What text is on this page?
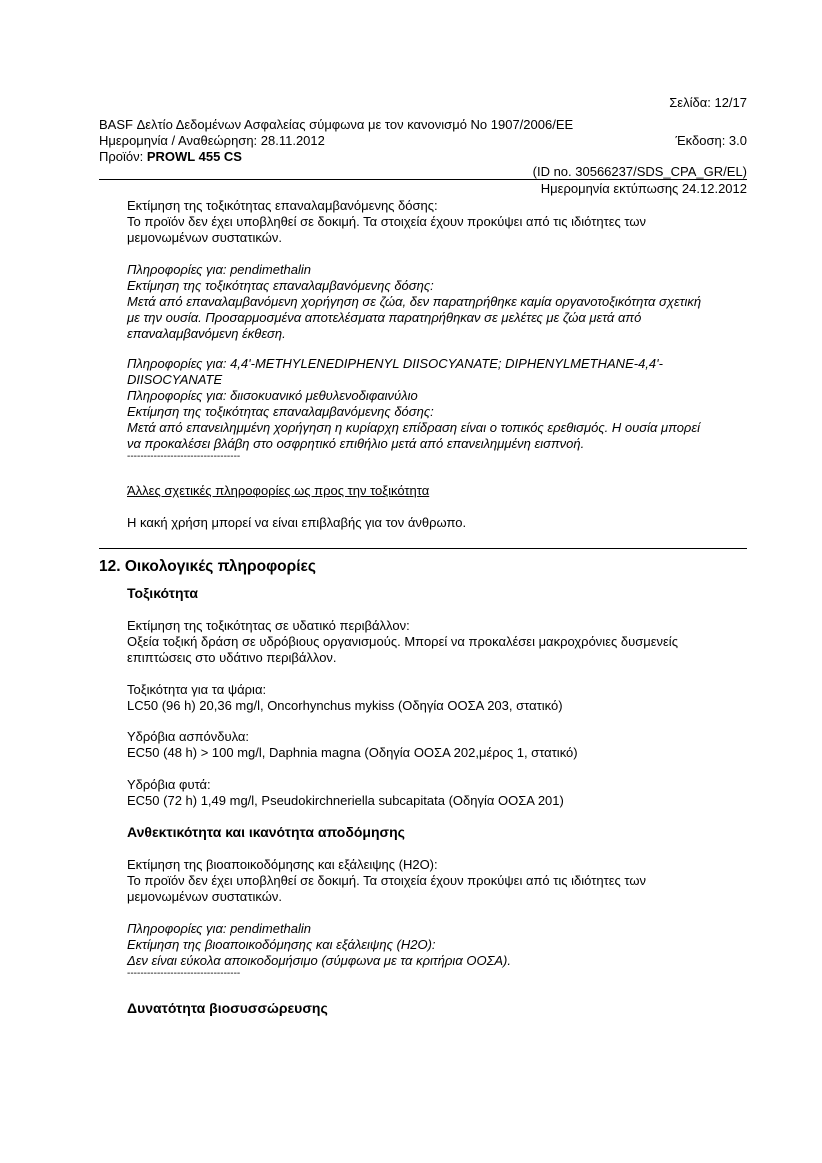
Σελίδα: 12/17
BASF Δελτίο Δεδομένων Ασφαλείας σύμφωνα με τον κανονισμό Νο 1907/2006/ΕΕ
Ημερομηνία / Αναθεώρηση: 28.11.2012	Έκδοση: 3.0
Προϊόν: PROWL 455 CS
(ID no. 30566237/SDS_CPA_GR/EL)
Ημερομηνία εκτύπωσης 24.12.2012

Εκτίμηση της τοξικότητας επαναλαμβανόμενης δόσης:

Το προϊόν δεν έχει υποβληθεί σε δοκιμή. Τα στοιχεία έχουν προκύψει από τις ιδιότητες των

μεμονωμένων συστατικών.

Πληροφορίες για: pendimethalin

Εκτίμηση της τοξικότητας επαναλαμβανόμενης δόσης:

Μετά από επαναλαμβανόμενη χορήγηση σε ζώα, δεν παρατηρήθηκε καμία οργανοτοξικότητα σχετική

με την ουσία. Προσαρμοσμένα αποτελέσματα παρατηρήθηκαν σε μελέτες με ζώα μετά από

επαναλαμβανόμενη έκθεση.

Πληροφορίες για: 4,4'-METHYLENEDIPHENYL DIISOCYANATE; DIPHENYLMETHANE-4,4'-

DIISOCYANATE

Πληροφορίες για: διισοκυανικό μεθυλενοδιφαινύλιο

Εκτίμηση της τοξικότητας επαναλαμβανόμενης δόσης:

Μετά από επανειλημμένη χορήγηση η κυρίαρχη επίδραση είναι ο τοπικός ερεθισμός. Η ουσία μπορεί

να προκαλέσει βλάβη στο οσφρητικό επιθήλιο μετά από επανειλημμένη εισπνοή.

----------------------------------
Άλλες σχετικές πληροφορίες ως προς την τοξικότητα
Η κακή χρήση μπορεί να είναι επιβλαβής για τον άνθρωπο.
12. Οικολογικές πληροφορίες
Τοξικότητα

Εκτίμηση της τοξικότητας σε υδατικό περιβάλλον:

Οξεία τοξική δράση σε υδρόβιους οργανισμούς. Μπορεί να προκαλέσει μακροχρόνιες δυσμενείς

επιπτώσεις στο υδάτινο περιβάλλον.

Τοξικότητα για τα ψάρια:

LC50 (96 h) 20,36 mg/l, Oncorhynchus mykiss (Οδηγία ΟΟΣΑ 203, στατικό)

Υδρόβια ασπόνδυλα:

EC50 (48 h) > 100 mg/l, Daphnia magna (Οδηγία ΟΟΣΑ 202,μέρος 1, στατικό)

Υδρόβια φυτά:

EC50 (72 h) 1,49 mg/l, Pseudokirchneriella subcapitata (Οδηγία ΟΟΣΑ 201)

Ανθεκτικότητα και ικανότητα αποδόμησης

Εκτίμηση της βιοαποικοδόμησης και εξάλειψης (H2O):

Το προϊόν δεν έχει υποβληθεί σε δοκιμή. Τα στοιχεία έχουν προκύψει από τις ιδιότητες των

μεμονωμένων συστατικών.

Πληροφορίες για: pendimethalin

Εκτίμηση της βιοαποικοδόμησης και εξάλειψης (H2O):

Δεν είναι εύκολα αποικοδομήσιμο (σύμφωνα με τα κριτήρια ΟΟΣΑ).

----------------------------------
Δυνατότητα βιοσυσσώρευσης
